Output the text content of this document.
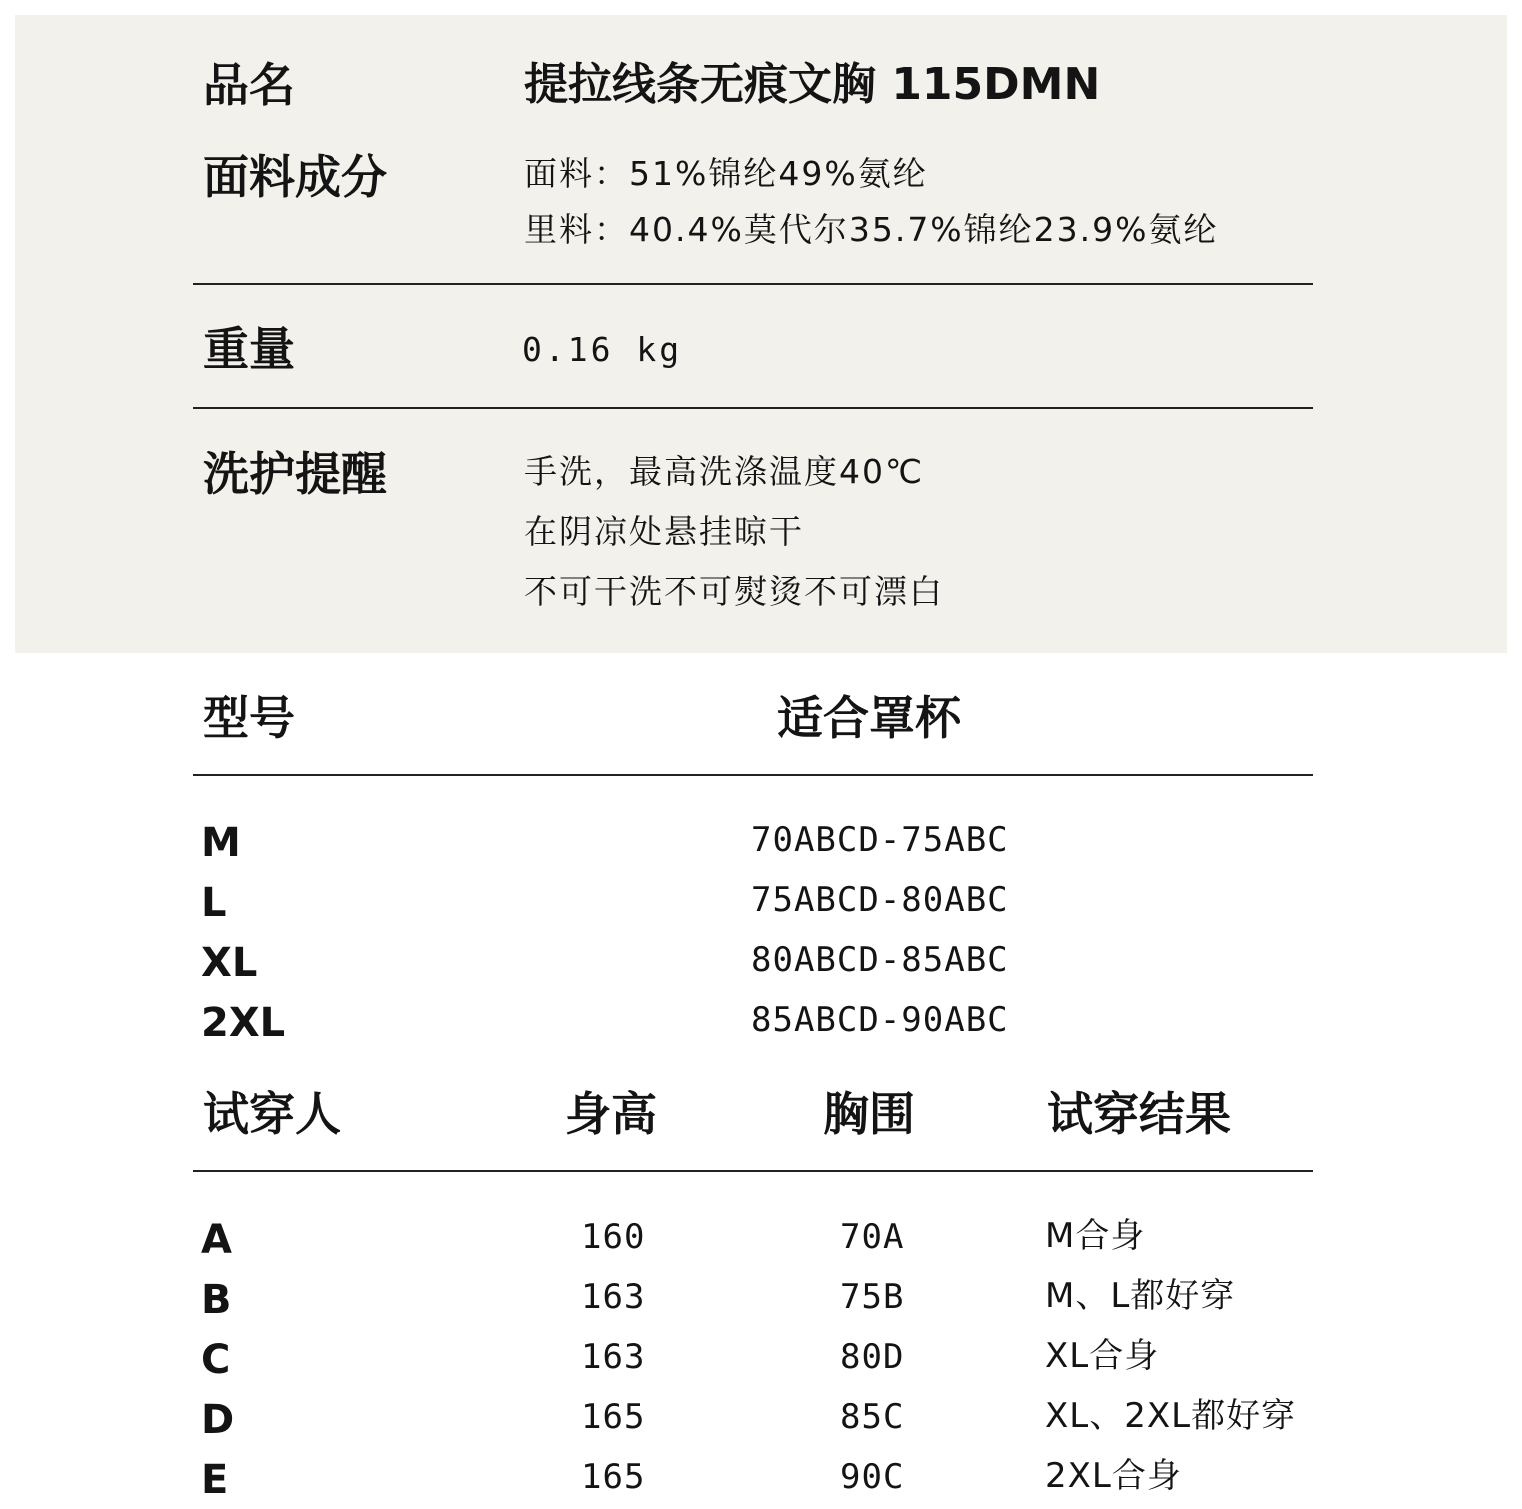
品名	提拉线条无痕文胸 115DMN
面料成分	面料：51%锦纶49%氨纶
里料：40.4%莫代尔35.7%锦纶23.9%氨纶
重量	0.16 kg
洗护提醒	手洗，最高洗涤温度40℃
在阴凉处悬挂晾干
不可干洗不可熨烫不可漂白
型号	适合罩杯
M	70ABCD-75ABC
L	75ABCD-80ABC
XL	80ABCD-85ABC
2XL	85ABCD-90ABC
试穿人	身高	胸围	试穿结果
A	160	70A	M合身
B	163	75B	M、L都好穿
C	163	80D	XL合身
D	165	85C	XL、2XL都好穿
E	165	90C	2XL合身
